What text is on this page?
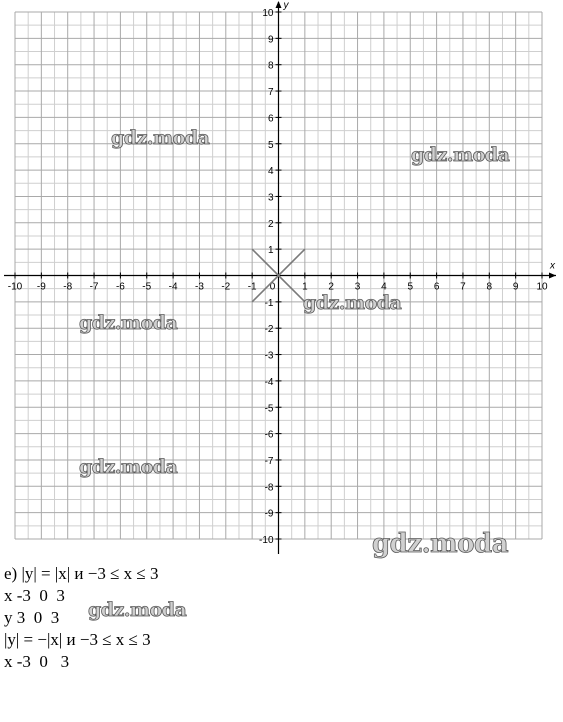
x
y
-10 -9 -8 -7 -6 -5 -4 -3 -2 -1 0	1 2 3 4 5 6 7 8 9 10
-10
-9
-8
-7
-6
-5
-4
-3
-2
-1
1
2
3
4
5
6
7
8
9
10
gdz.moda
gdz.moda
gdz.moda
gdz.moda
gdz.moda
gdz.moda
gdz.moda
е) |у| = |х| и −3 ≤ х ≤ 3
х -3  0  3
у 3  0  3
|у| = −|х| и −3 ≤ х ≤ 3
х -3  0   3
